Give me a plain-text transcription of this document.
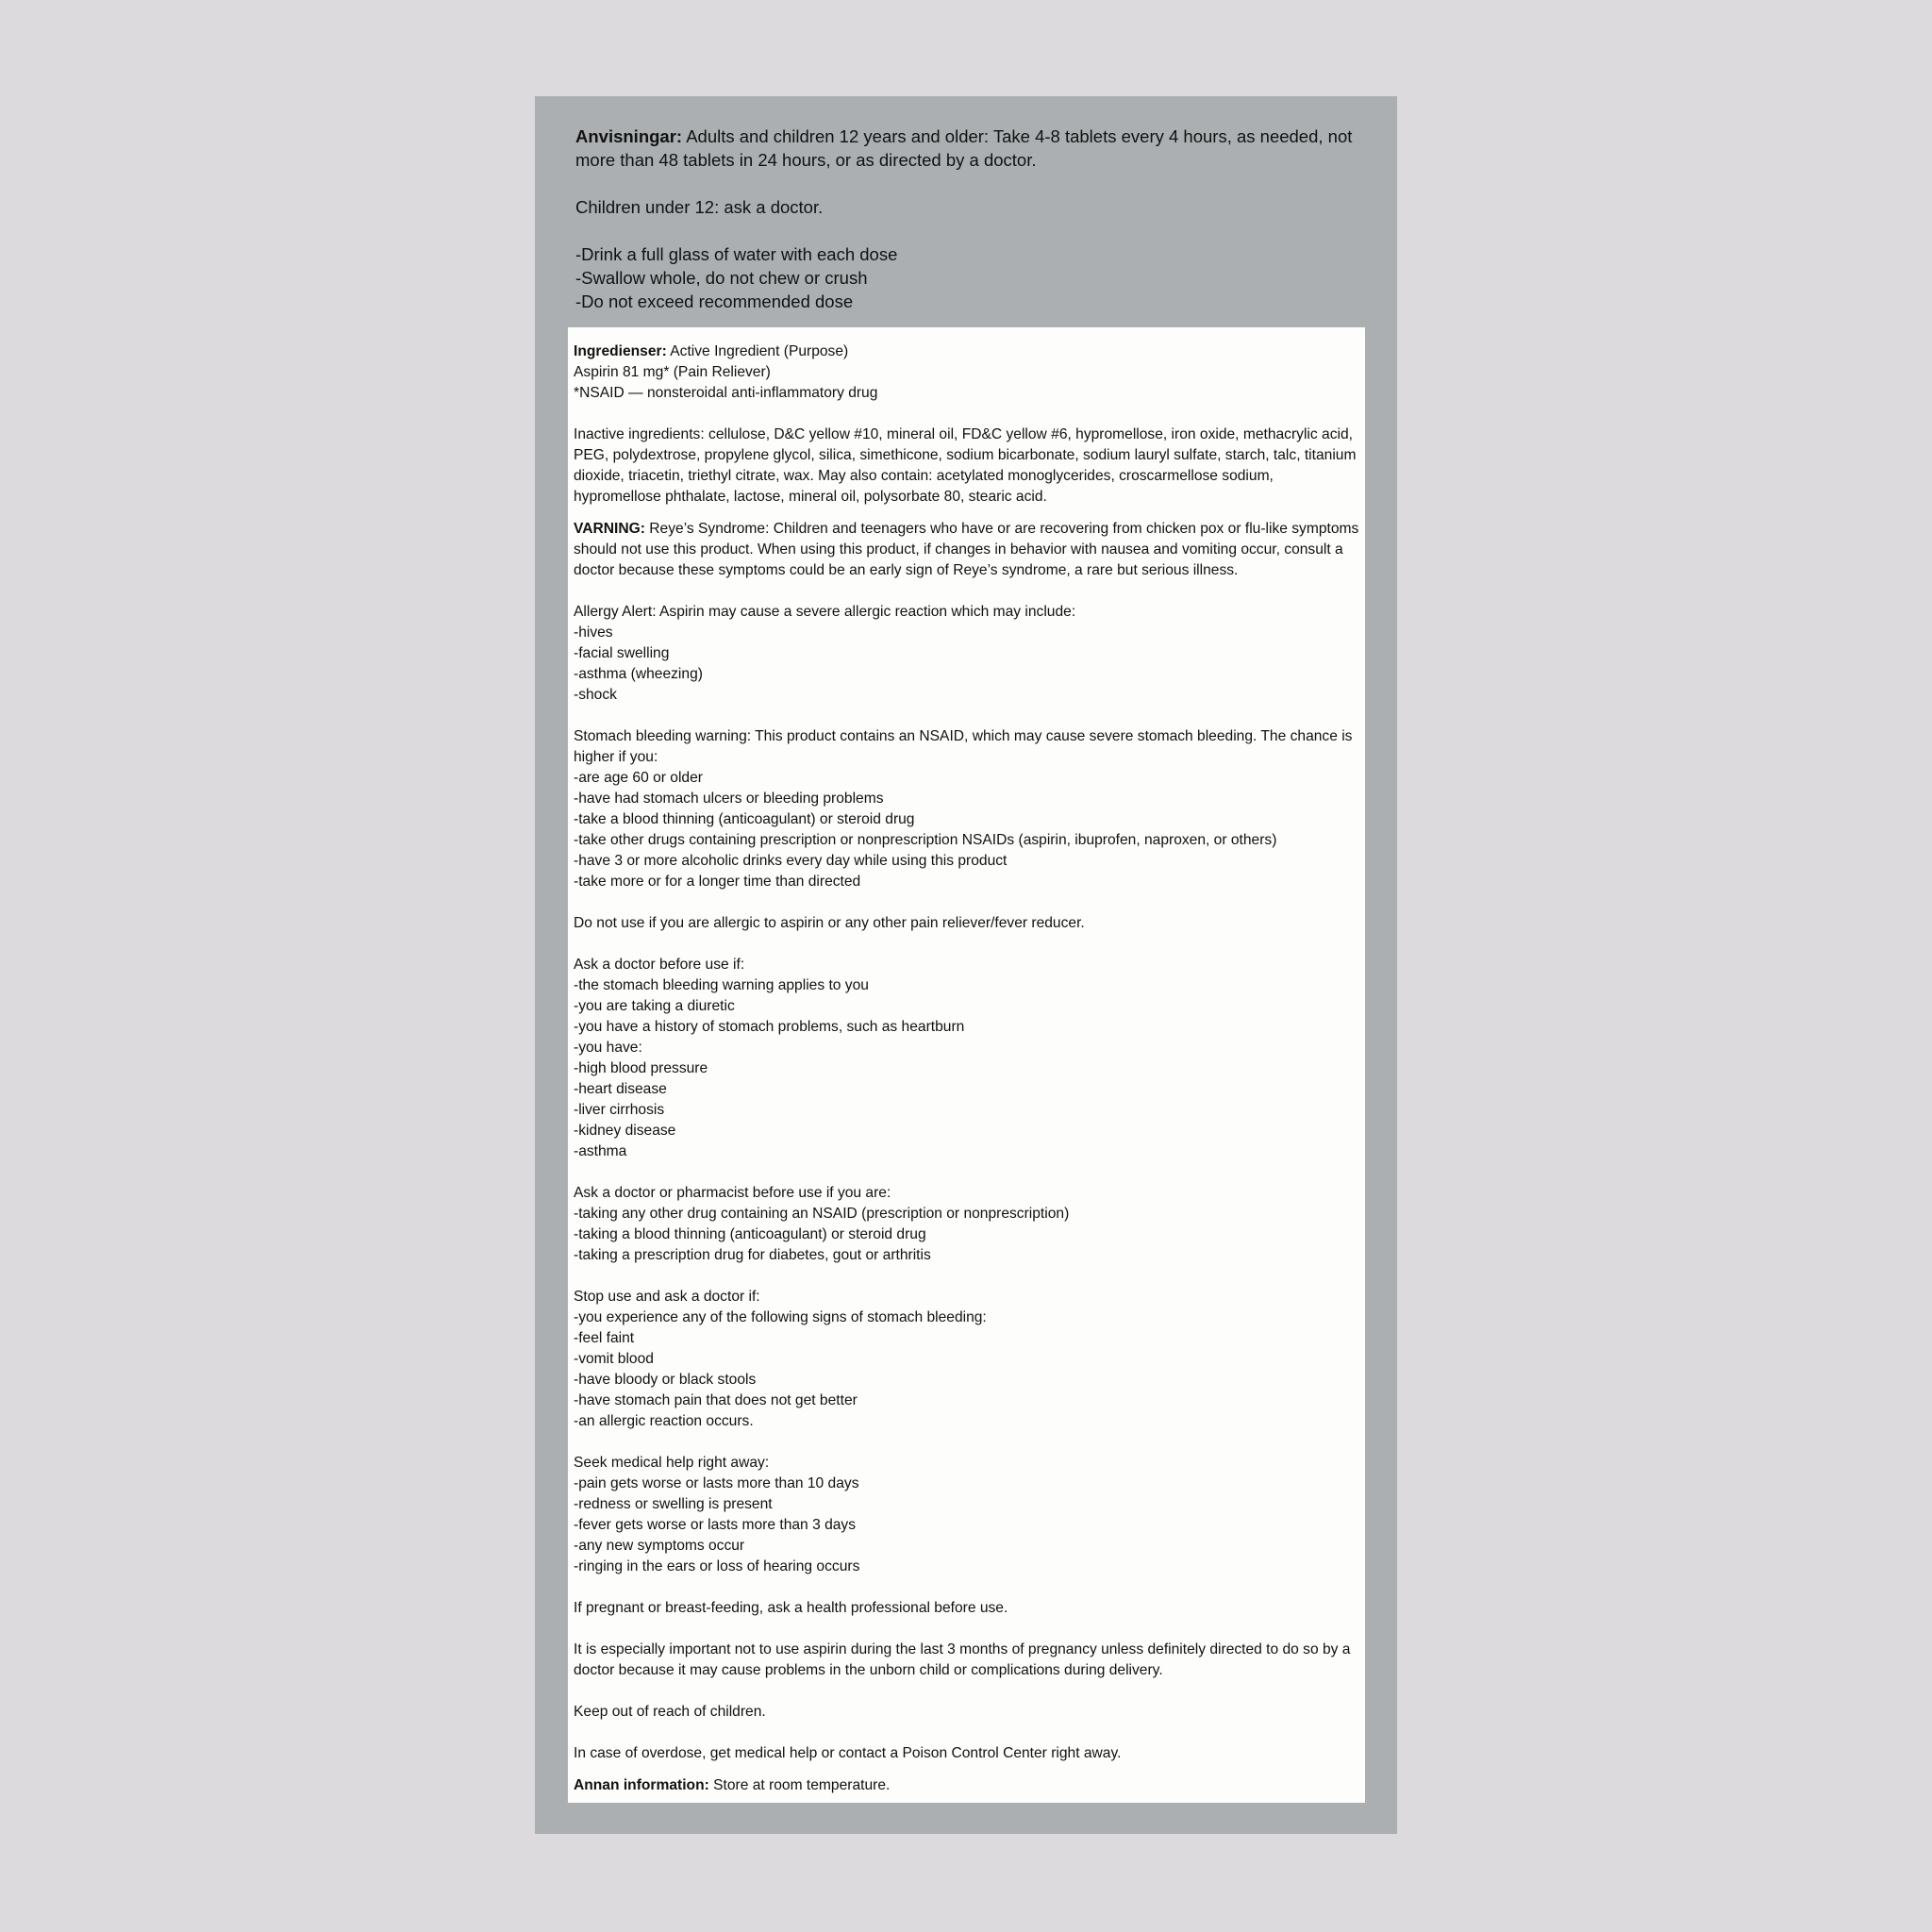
Anvisningar: Adults and children 12 years and older: Take 4-8 tablets every 4 hours, as needed, not more than 48 tablets in 24 hours, or as directed by a doctor.

Children under 12: ask a doctor.

-Drink a full glass of water with each dose

-Swallow whole, do not chew or crush

-Do not exceed recommended dose

Ingredienser: Active Ingredient (Purpose)

Aspirin 81 mg* (Pain Reliever)

*NSAID — nonsteroidal anti-inflammatory drug

Inactive ingredients: cellulose, D&C yellow #10, mineral oil, FD&C yellow #6, hypromellose, iron oxide, methacrylic acid, PEG, polydextrose, propylene glycol, silica, simethicone, sodium bicarbonate, sodium lauryl sulfate, starch, talc, titanium dioxide, triacetin, triethyl citrate, wax. May also contain: acetylated monoglycerides, croscarmellose sodium, hypromellose phthalate, lactose, mineral oil, polysorbate 80, stearic acid.

VARNING: Reye’s Syndrome: Children and teenagers who have or are recovering from chicken pox or flu-like symptoms should not use this product. When using this product, if changes in behavior with nausea and vomiting occur, consult a doctor because these symptoms could be an early sign of Reye’s syndrome, a rare but serious illness.

Allergy Alert: Aspirin may cause a severe allergic reaction which may include:

-hives

-facial swelling

-asthma (wheezing)

-shock

Stomach bleeding warning: This product contains an NSAID, which may cause severe stomach bleeding. The chance is higher if you:

-are age 60 or older

-have had stomach ulcers or bleeding problems

-take a blood thinning (anticoagulant) or steroid drug

-take other drugs containing prescription or nonprescription NSAIDs (aspirin, ibuprofen, naproxen, or others)

-have 3 or more alcoholic drinks every day while using this product

-take more or for a longer time than directed

Do not use if you are allergic to aspirin or any other pain reliever/fever reducer.

Ask a doctor before use if:

-the stomach bleeding warning applies to you

-you are taking a diuretic

-you have a history of stomach problems, such as heartburn

-you have:

-high blood pressure

-heart disease

-liver cirrhosis

-kidney disease

-asthma

Ask a doctor or pharmacist before use if you are:

-taking any other drug containing an NSAID (prescription or nonprescription)

-taking a blood thinning (anticoagulant) or steroid drug

-taking a prescription drug for diabetes, gout or arthritis

Stop use and ask a doctor if:

-you experience any of the following signs of stomach bleeding:

-feel faint

-vomit blood

-have bloody or black stools

-have stomach pain that does not get better

-an allergic reaction occurs.

Seek medical help right away:

-pain gets worse or lasts more than 10 days

-redness or swelling is present

-fever gets worse or lasts more than 3 days

-any new symptoms occur

-ringing in the ears or loss of hearing occurs

If pregnant or breast-feeding, ask a health professional before use.

It is especially important not to use aspirin during the last 3 months of pregnancy unless definitely directed to do so by a doctor because it may cause problems in the unborn child or complications during delivery.

Keep out of reach of children.

In case of overdose, get medical help or contact a Poison Control Center right away.

Annan information: Store at room temperature.
